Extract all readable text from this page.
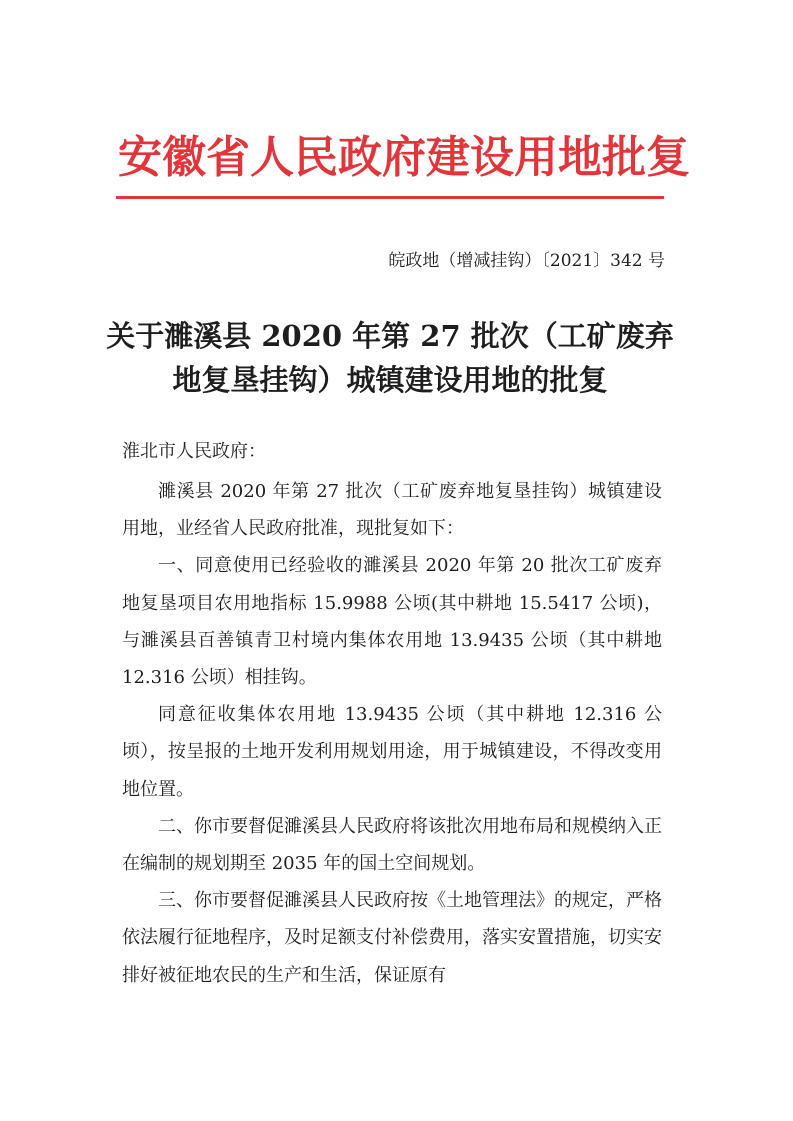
安徽省人民政府建设用地批复
皖政地（增减挂钩）〔2021〕342 号
关于濉溪县 2020 年第 27 批次（工矿废弃
地复垦挂钩）城镇建设用地的批复
淮北市人民政府：

濉溪县 2020 年第 27 批次（工矿废弃地复垦挂钩）城镇建设用地，业经省人民政府批准，现批复如下：

一、同意使用已经验收的濉溪县 2020 年第 20 批次工矿废弃地复垦项目农用地指标 15.9988 公顷(其中耕地 15.5417 公顷)，与濉溪县百善镇青卫村境内集体农用地 13.9435 公顷（其中耕地 12.316 公顷）相挂钩。

同意征收集体农用地 13.9435 公顷（其中耕地 12.316 公顷），按呈报的土地开发利用规划用途，用于城镇建设，不得改变用地位置。

二、你市要督促濉溪县人民政府将该批次用地布局和规模纳入正在编制的规划期至 2035 年的国土空间规划。

三、你市要督促濉溪县人民政府按《土地管理法》的规定，严格依法履行征地程序，及时足额支付补偿费用，落实安置措施，切实安排好被征地农民的生产和生活，保证原有
